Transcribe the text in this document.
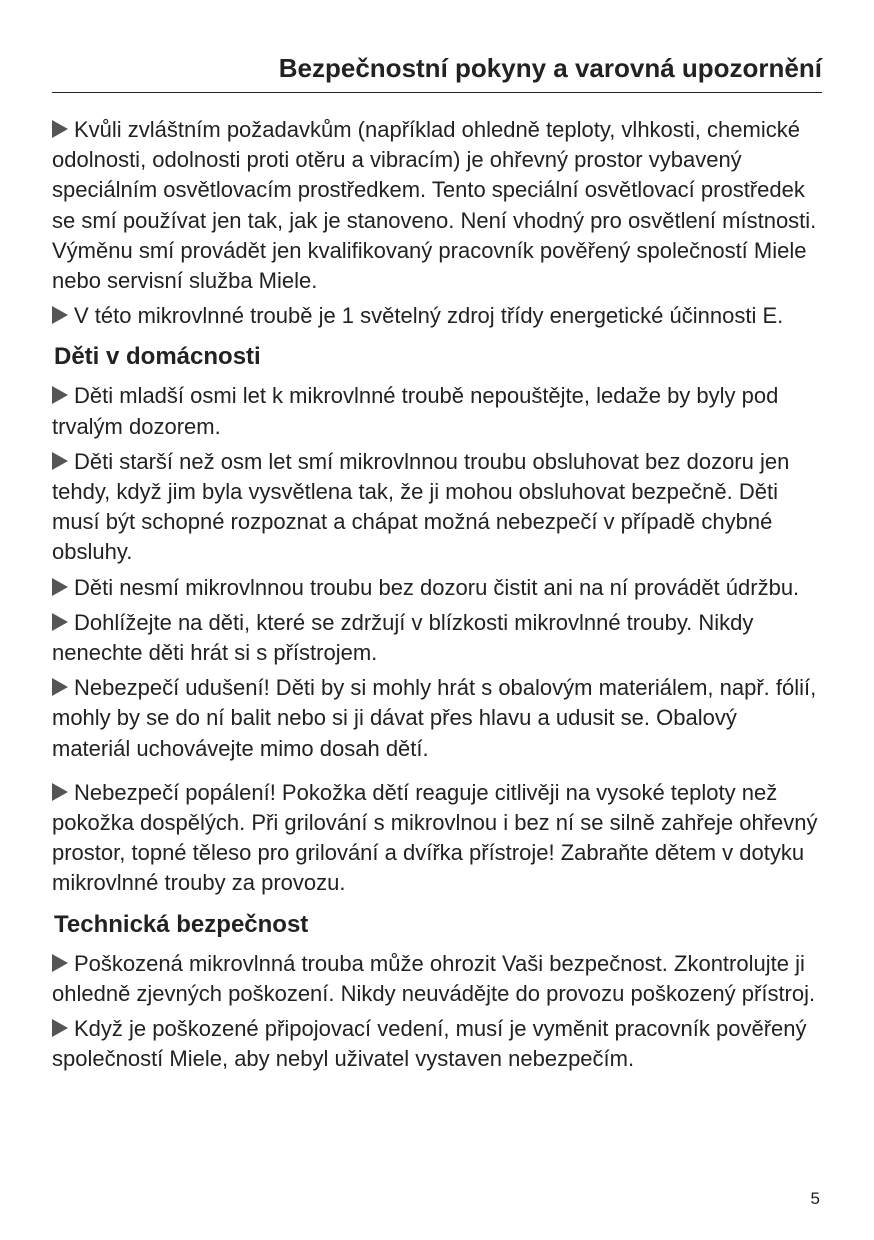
Bezpečnostní pokyny a varovná upozornění

Kvůli zvláštním požadavkům (například ohledně teploty, vlhkosti, chemické odolnosti, odolnosti proti otěru a vibracím) je ohřevný prostor vybavený speciálním osvětlovacím prostředkem. Tento speciální osvětlovací prostředek se smí používat jen tak, jak je stanoveno. Není vhodný pro osvětlení místnosti. Výměnu smí provádět jen kvalifikovaný pracovník pověřený společností Miele nebo servisní služba Miele.

V této mikrovlnné troubě je 1 světelný zdroj třídy energetické účinnosti E.

Děti v domácnosti

Děti mladší osmi let k mikrovlnné troubě nepouštějte, ledaže by byly pod trvalým dozorem.

Děti starší než osm let smí mikrovlnnou troubu obsluhovat bez dozoru jen tehdy, když jim byla vysvětlena tak, že ji mohou obsluhovat bezpečně. Děti musí být schopné rozpoznat a chápat možná nebezpečí v případě chybné obsluhy.

Děti nesmí mikrovlnnou troubu bez dozoru čistit ani na ní provádět údržbu.

Dohlížejte na děti, které se zdržují v blízkosti mikrovlnné trouby. Nikdy nenechte děti hrát si s přístrojem.

Nebezpečí udušení! Děti by si mohly hrát s obalovým materiálem, např. fólií, mohly by se do ní balit nebo si ji dávat přes hlavu a udusit se. Obalový materiál uchovávejte mimo dosah dětí.

Nebezpečí popálení! Pokožka dětí reaguje citlivěji na vysoké teploty než pokožka dospělých. Při grilování s mikrovlnou i bez ní se silně zahřeje ohřevný prostor, topné těleso pro grilování a dvířka přístroje! Zabraňte dětem v dotyku mikrovlnné trouby za provozu.

Technická bezpečnost

Poškozená mikrovlnná trouba může ohrozit Vaši bezpečnost. Zkontrolujte ji ohledně zjevných poškození. Nikdy neuvádějte do provozu poškozený přístroj.

Když je poškozené připojovací vedení, musí je vyměnit pracovník pověřený společností Miele, aby nebyl uživatel vystaven nebezpečím.

5
